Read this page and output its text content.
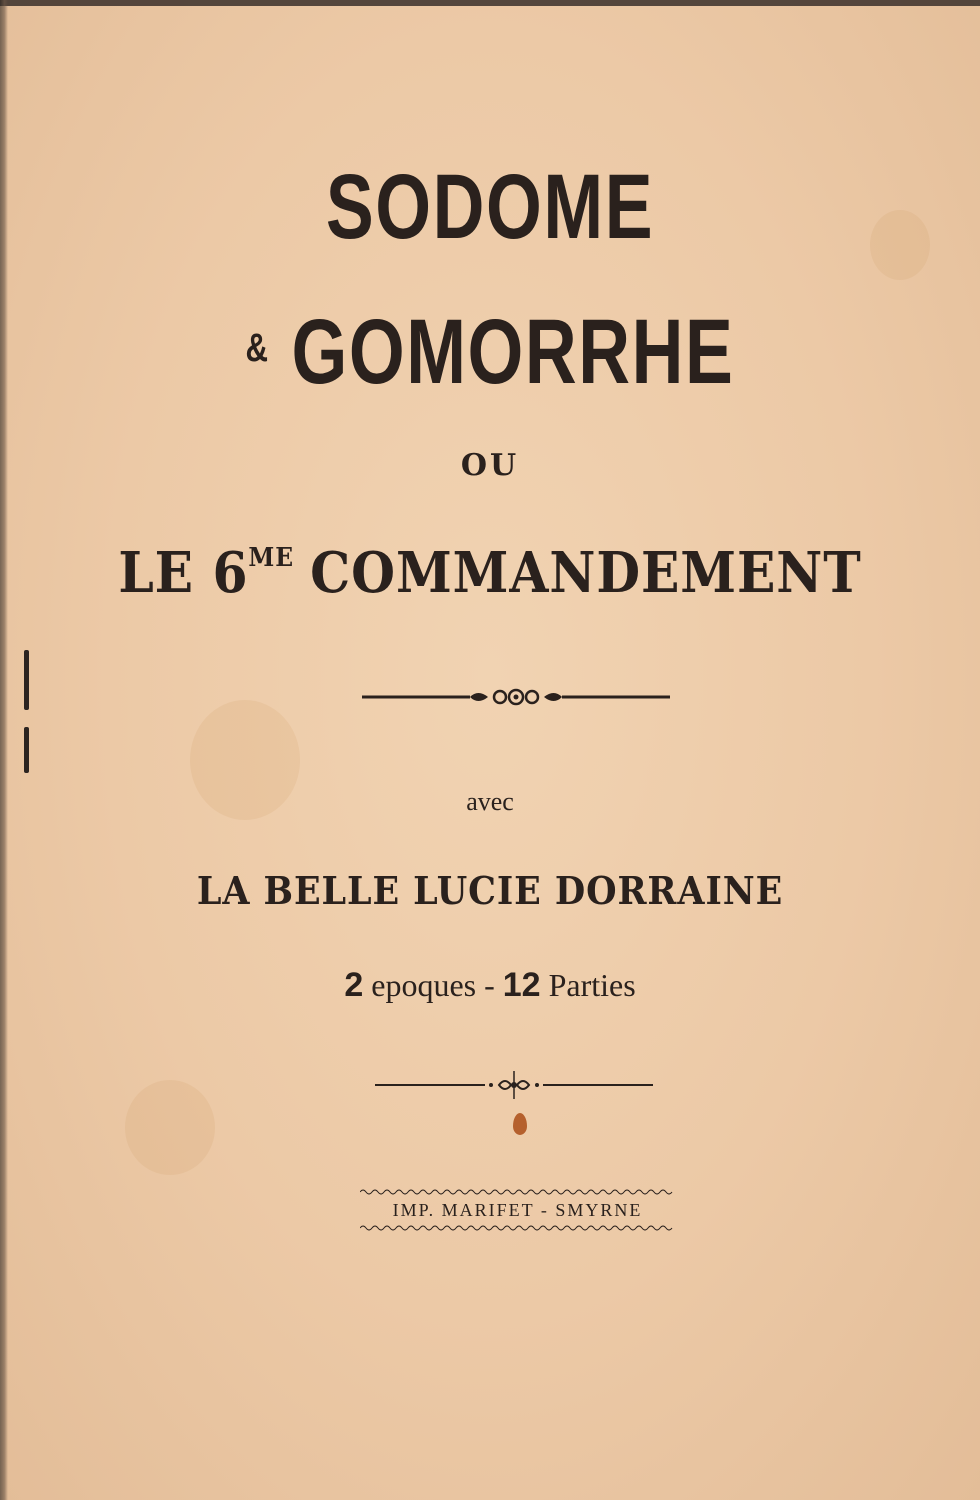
SODOME
& GOMORRHE
OU
LE $6^{ME}$ COMMANDEMENT
avec
LA BELLE LUCIE DORRAINE
2 epoques - 12 Parties
IMP. MARIFET - SMYRNE
